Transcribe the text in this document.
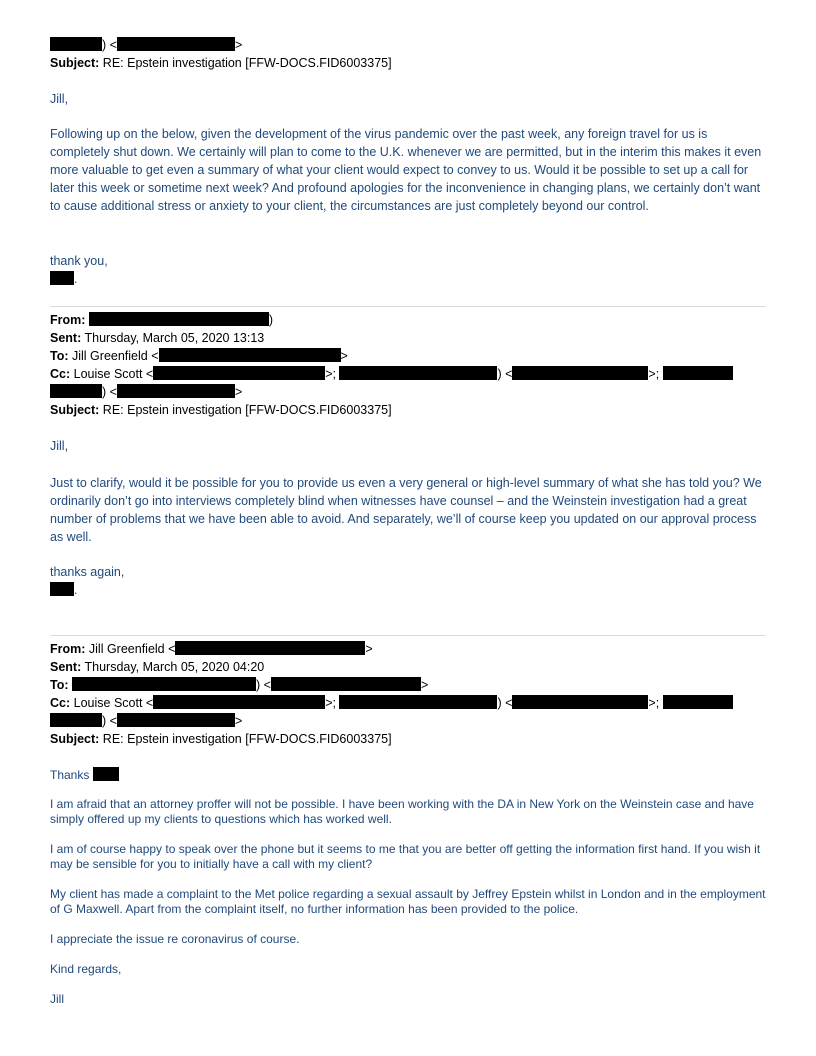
) <	>
Subject: RE: Epstein investigation [FFW-DOCS.FID6003375]
Jill,
Following up on the below, given the development of the virus pandemic over the past week, any foreign travel for us is completely shut down. We certainly will plan to come to the U.K. whenever we are permitted, but in the interim this makes it even more valuable to get even a summary of what your client would expect to convey to us. Would it be possible to set up a call for later this week or sometime next week? And profound apologies for the inconvenience in changing plans, we certainly don’t want to cause additional stress or anxiety to your client, the circumstances are just completely beyond our control.
thank you,
.
From:	)
Sent: Thursday, March 05, 2020 13:13
To: Jill Greenfield <	>
Cc: Louise Scott <	>;	) <	>;
) <	>
Subject: RE: Epstein investigation [FFW-DOCS.FID6003375]
Jill,
Just to clarify, would it be possible for you to provide us even a very general or high-level summary of what she has told you? We ordinarily don’t go into interviews completely blind when witnesses have counsel – and the Weinstein investigation had a great number of problems that we have been able to avoid. And separately, we’ll of course keep you updated on our approval process as well.
thanks again,
.
From: Jill Greenfield <	>
Sent: Thursday, March 05, 2020 04:20
To:	) <	>
Cc: Louise Scott <	>;	) <	>;
) <	>
Subject: RE: Epstein investigation [FFW-DOCS.FID6003375]
Thanks
I am afraid that an attorney proffer will not be possible. I have been working with the DA in New York on the Weinstein case and have simply offered up my clients to questions which has worked well.
I am of course happy to speak over the phone but it seems to me that you are better off getting the information first hand. If you wish it may be sensible for you to initially have a call with my client?
My client has made a complaint to the Met police regarding a sexual assault by Jeffrey Epstein whilst in London and in the employment of G Maxwell. Apart from the complaint itself, no further information has been provided to the police.
I appreciate the issue re coronavirus of course.
Kind regards,
Jill
